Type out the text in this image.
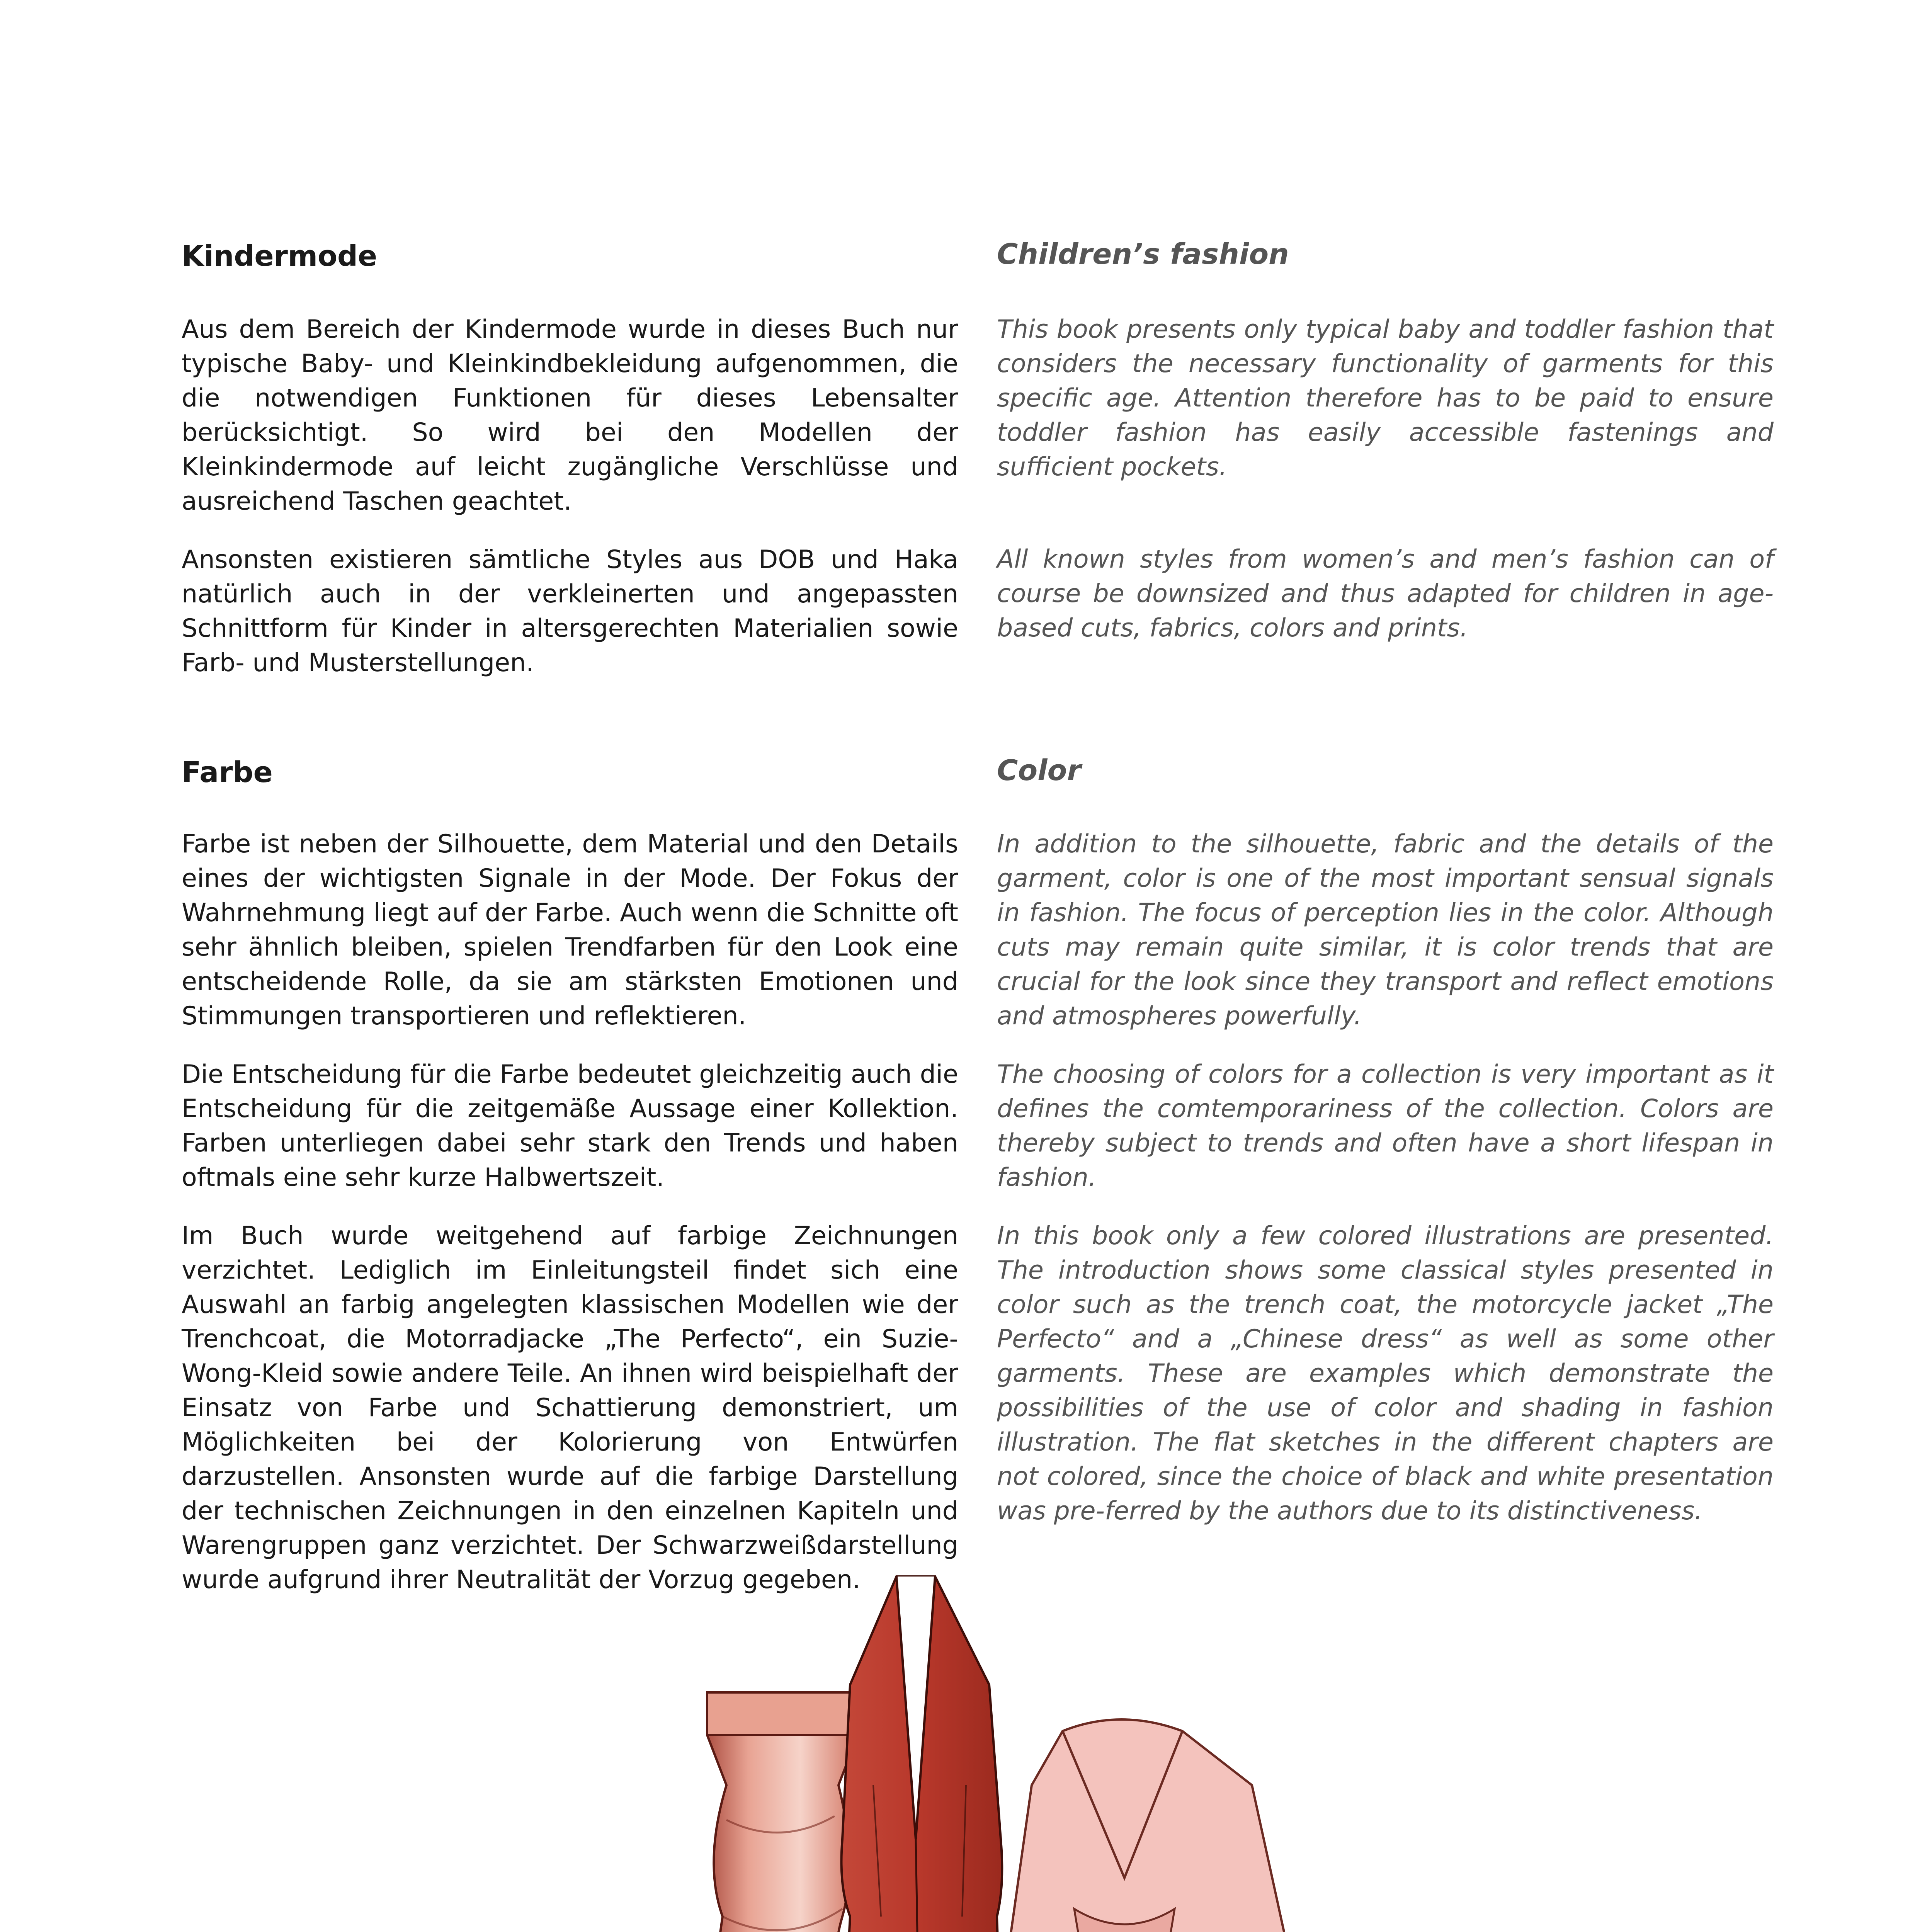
Kindermode	Children’s fashion

Aus dem Bereich der Kindermode wurde in dieses Buch nur typische Baby- und Kleinkindbekleidung aufgenommen, die die notwendigen Funktionen für dieses Lebensalter berücksichtigt. So wird bei den Modellen der Kleinkindermode auf leicht zugängliche Verschlüsse und ausreichend Taschen geachtet.

Ansonsten existieren sämtliche Styles aus DOB und Haka natürlich auch in der verkleinerten und angepassten Schnittform für Kinder in altersgerechten Materialien sowie Farb- und Musterstellungen.

This book presents only typical baby and toddler fashion that considers the necessary functionality of garments for this specific age. Attention therefore has to be paid to ensure toddler fashion has easily accessible fastenings and sufficient pockets.

All known styles from women’s and men’s fashion can of course be downsized and thus adapted for children in age-based cuts, fabrics, colors and prints.

Farbe	Color

Farbe ist neben der Silhouette, dem Material und den Details eines der wichtigsten Signale in der Mode. Der Fokus der Wahrnehmung liegt auf der Farbe. Auch wenn die Schnitte oft sehr ähnlich bleiben, spielen Trendfarben für den Look eine entscheidende Rolle, da sie am stärksten Emotionen und Stimmungen transportieren und reflektieren.

Die Entscheidung für die Farbe bedeutet gleichzeitig auch die Entscheidung für die zeitgemäße Aussage einer Kollektion. Farben unterliegen dabei sehr stark den Trends und haben oftmals eine sehr kurze Halbwertszeit.

Im Buch wurde weitgehend auf farbige Zeichnungen verzichtet. Lediglich im Einleitungsteil findet sich eine Auswahl an farbig angelegten klassischen Modellen wie der Trenchcoat, die Motorradjacke „The Perfecto“, ein Suzie-Wong-Kleid sowie andere Teile. An ihnen wird beispielhaft der Einsatz von Farbe und Schattierung demonstriert, um Möglichkeiten bei der Kolorierung von Entwürfen darzustellen. Ansonsten wurde auf die farbige Darstellung der technischen Zeichnungen in den einzelnen Kapiteln und Warengruppen ganz verzichtet. Der Schwarzweißdarstellung wurde aufgrund ihrer Neutralität der Vorzug gegeben.

In addition to the silhouette, fabric and the details of the garment, color is one of the most important sensual signals in fashion. The focus of perception lies in the color. Although cuts may remain quite similar, it is color trends that are crucial for the look since they transport and reflect emotions and atmospheres powerfully.

The choosing of colors for a collection is very important as it defines the comtemporariness of the collection. Colors are thereby subject to trends and often have a short lifespan in fashion.

In this book only a few colored illustrations are presented. The introduction shows some classical styles presented in color such as the trench coat, the motorcycle jacket „The Perfecto“ and a „Chinese dress“ as well as some other garments. These are examples which demonstrate the possibilities of the use of color and shading in fashion illustration. The flat sketches in the different chapters are not colored, since the choice of black and white presentation was pre-ferred by the authors due to its distinctiveness.
